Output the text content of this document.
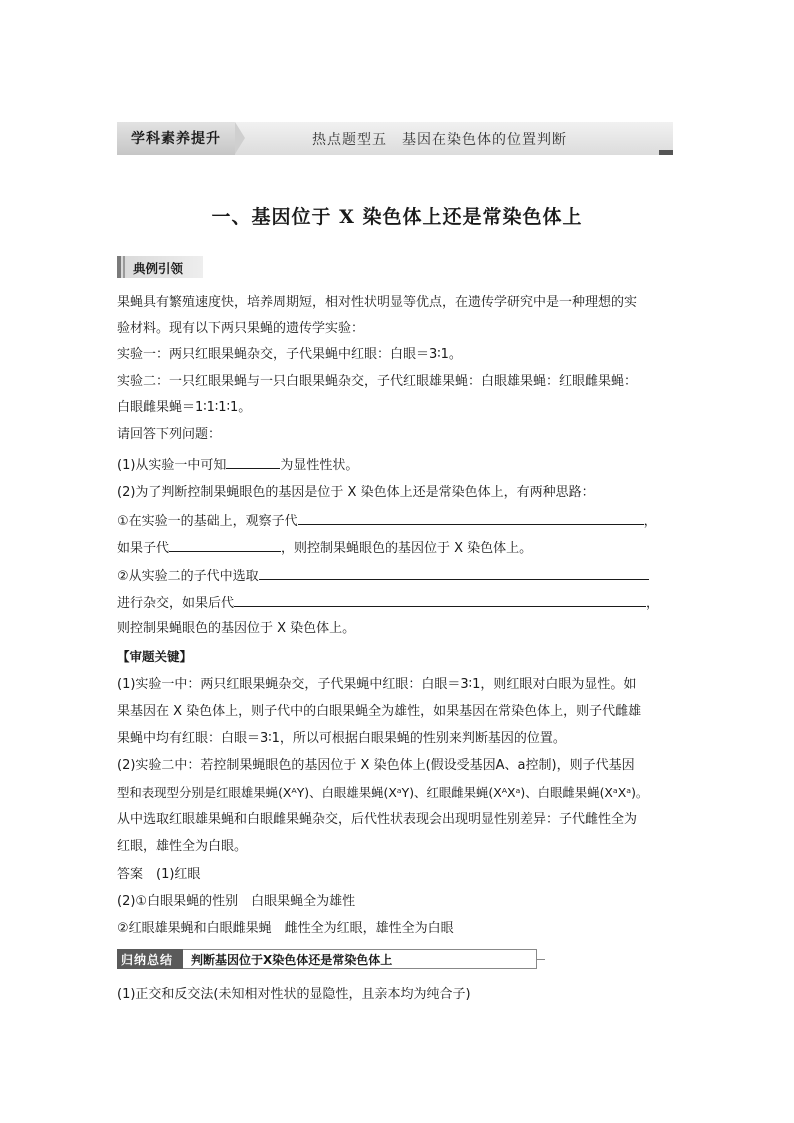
学科素养提升	热点题型五　基因在染色体的位置判断
一、基因位于 X 染色体上还是常染色体上
典例引领
果蝇具有繁殖速度快，培养周期短，相对性状明显等优点，在遗传学研究中是一种理想的实
验材料。现有以下两只果蝇的遗传学实验：
实验一：两只红眼果蝇杂交，子代果蝇中红眼：白眼＝3∶1。
实验二：一只红眼果蝇与一只白眼果蝇杂交，子代红眼雄果蝇：白眼雄果蝇：红眼雌果蝇：
白眼雌果蝇＝1∶1∶1∶1。
请回答下列问题：
(1)从实验一中可知	为显性性状。
(2)为了判断控制果蝇眼色的基因是位于 X 染色体上还是常染色体上，有两种思路：
①在实验一的基础上，观察子代	，
如果子代	，则控制果蝇眼色的基因位于 X 染色体上。
②从实验二的子代中选取
进行杂交，如果后代	，
则控制果蝇眼色的基因位于 X 染色体上。
【审题关键】
(1)实验一中：两只红眼果蝇杂交，子代果蝇中红眼：白眼＝3∶1，则红眼对白眼为显性。如
果基因在 X 染色体上，则子代中的白眼果蝇全为雄性，如果基因在常染色体上，则子代雌雄
果蝇中均有红眼：白眼＝3∶1，所以可根据白眼果蝇的性别来判断基因的位置。
(2)实验二中：若控制果蝇眼色的基因位于 X 染色体上(假设受基因A、a控制)，则子代基因
型和表现型分别是红眼雄果蝇(XᴬY)、白眼雄果蝇(XᵃY)、红眼雌果蝇(XᴬXᵃ)、白眼雌果蝇(XᵃXᵃ)。
从中选取红眼雄果蝇和白眼雌果蝇杂交，后代性状表现会出现明显性别差异：子代雌性全为
红眼，雄性全为白眼。
答案　(1)红眼
(2)①白眼果蝇的性别　白眼果蝇全为雄性
②红眼雄果蝇和白眼雌果蝇　雌性全为红眼，雄性全为白眼
归纳总结 判断基因位于X染色体还是常染色体上
(1)正交和反交法(未知相对性状的显隐性，且亲本均为纯合子)
